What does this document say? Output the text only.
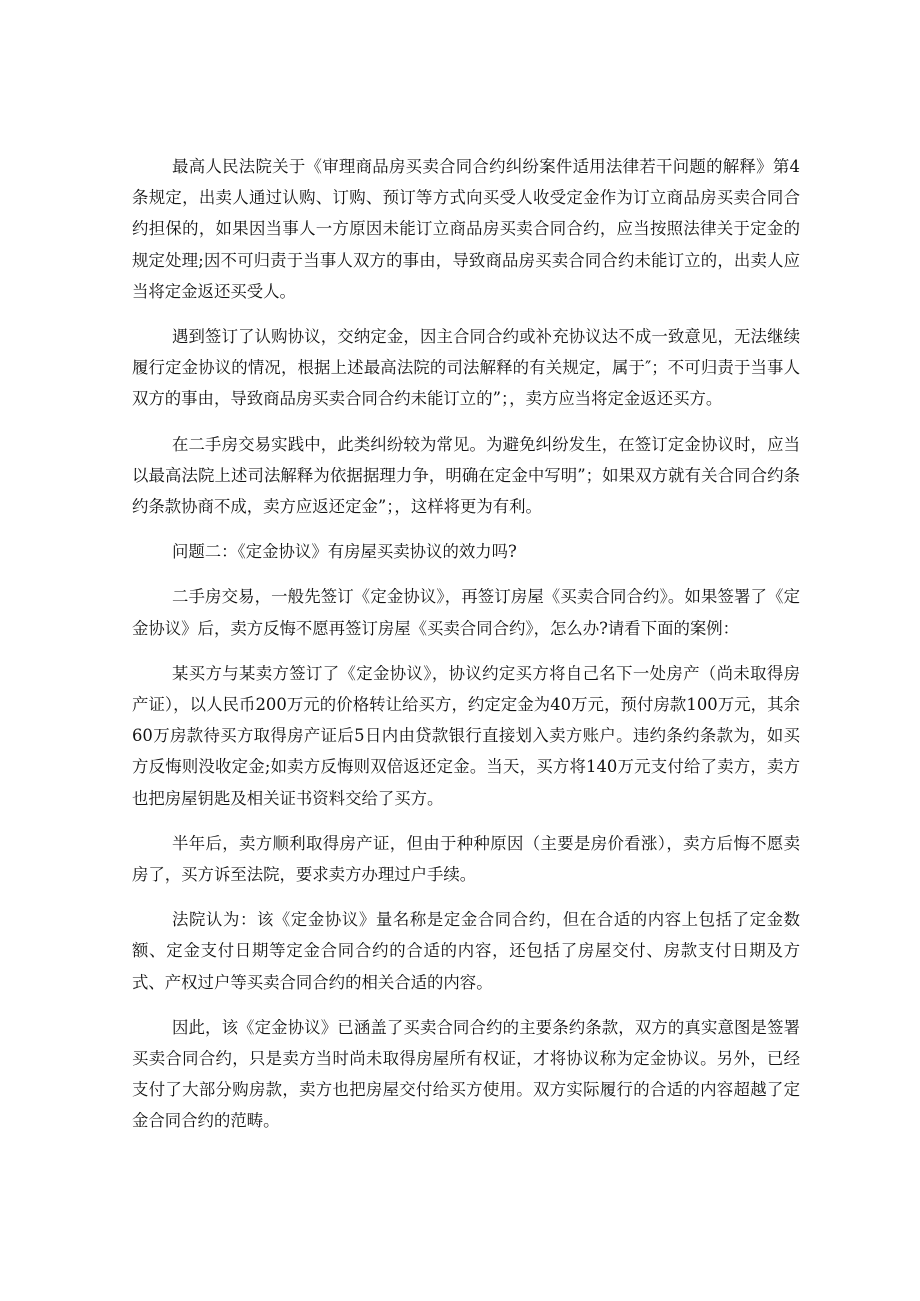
最高人民法院关于《审理商品房买卖合同合约纠纷案件适用法律若干问题的解释》第4条规定，出卖人通过认购、订购、预订等方式向买受人收受定金作为订立商品房买卖合同合约担保的，如果因当事人一方原因未能订立商品房买卖合同合约，应当按照法律关于定金的规定处理;因不可归责于当事人双方的事由，导致商品房买卖合同合约未能订立的，出卖人应当将定金返还买受人。

遇到签订了认购协议，交纳定金，因主合同合约或补充协议达不成一致意见，无法继续履行定金协议的情况，根据上述最高法院的司法解释的有关规定，属于″；不可归责于当事人双方的事由，导致商品房买卖合同合约未能订立的”；，卖方应当将定金返还买方。

在二手房交易实践中，此类纠纷较为常见。为避免纠纷发生，在签订定金协议时，应当以最高法院上述司法解释为依据据理力争，明确在定金中写明”；如果双方就有关合同合约条约条款协商不成，卖方应返还定金”；，这样将更为有利。

问题二：《定金协议》有房屋买卖协议的效力吗?

二手房交易，一般先签订《定金协议》，再签订房屋《买卖合同合约》。如果签署了《定金协议》后，卖方反悔不愿再签订房屋《买卖合同合约》，怎么办?请看下面的案例：

某买方与某卖方签订了《定金协议》，协议约定买方将自己名下一处房产（尚未取得房产证），以人民币200万元的价格转让给买方，约定定金为40万元，预付房款100万元，其余60万房款待买方取得房产证后5日内由贷款银行直接划入卖方账户。违约条约条款为，如买方反悔则没收定金;如卖方反悔则双倍返还定金。当天，买方将140万元支付给了卖方，卖方也把房屋钥匙及相关证书资料交给了买方。

半年后，卖方顺利取得房产证，但由于种种原因（主要是房价看涨），卖方后悔不愿卖房了，买方诉至法院，要求卖方办理过户手续。

法院认为：该《定金协议》量名称是定金合同合约，但在合适的内容上包括了定金数额、定金支付日期等定金合同合约的合适的内容，还包括了房屋交付、房款支付日期及方式、产权过户等买卖合同合约的相关合适的内容。

因此，该《定金协议》已涵盖了买卖合同合约的主要条约条款，双方的真实意图是签署买卖合同合约，只是卖方当时尚未取得房屋所有权证，才将协议称为定金协议。另外，已经支付了大部分购房款，卖方也把房屋交付给买方使用。双方实际履行的合适的内容超越了定金合同合约的范畴。
